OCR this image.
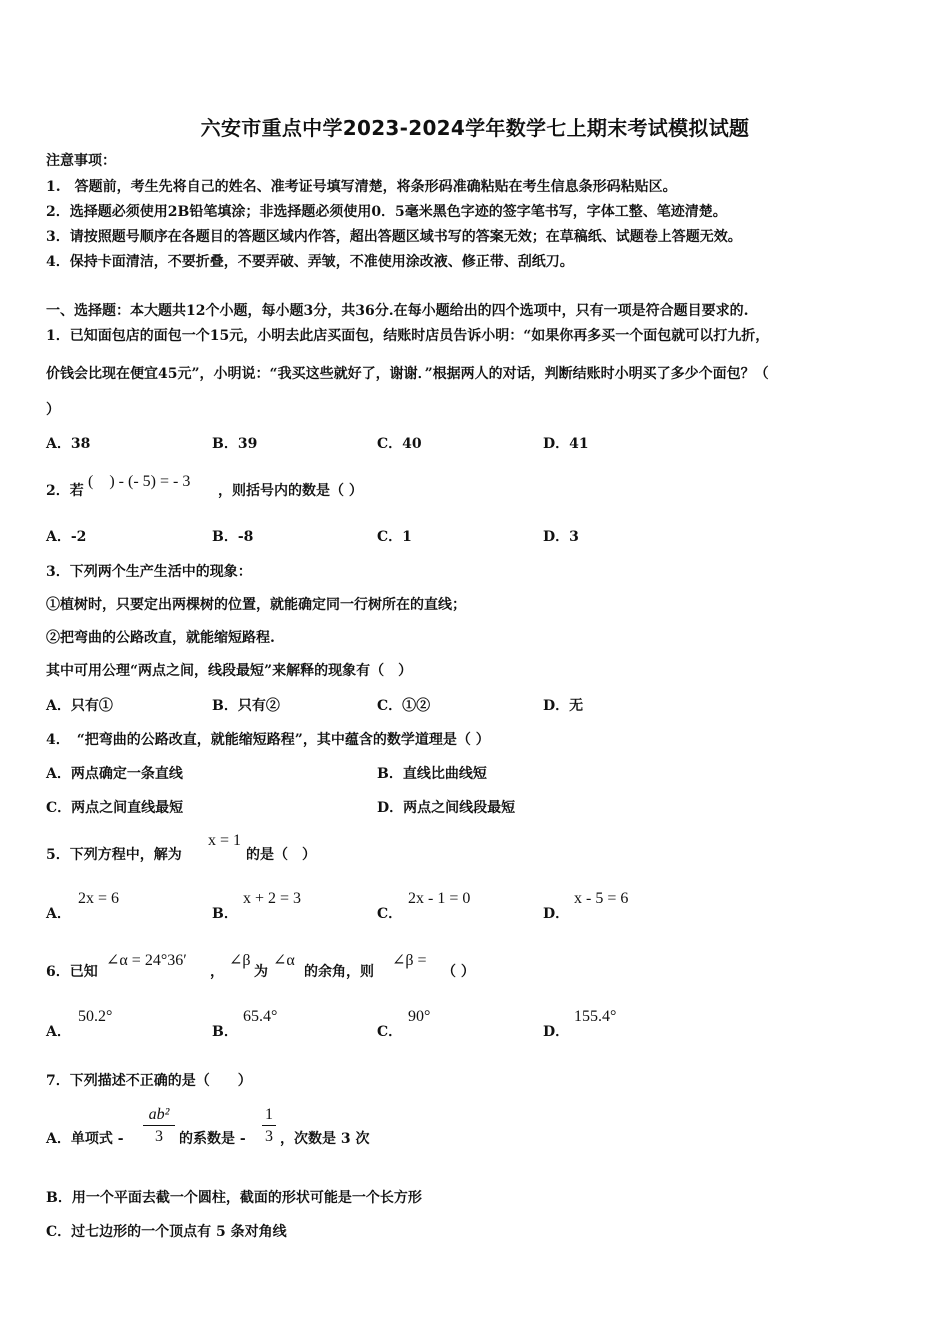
六安市重点中学2023-2024学年数学七上期末考试模拟试题
注意事项：
1.　答题前，考生先将自己的姓名、准考证号填写清楚，将条形码准确粘贴在考生信息条形码粘贴区。
2．选择题必须使用2B铅笔填涂；非选择题必须使用0．5毫米黑色字迹的签字笔书写，字体工整、笔迹清楚。
3．请按照题号顺序在各题目的答题区域内作答，超出答题区域书写的答案无效；在草稿纸、试题卷上答题无效。
4．保持卡面清洁，不要折叠，不要弄破、弄皱，不准使用涂改液、修正带、刮纸刀。
一、选择题：本大题共12个小题，每小题3分，共36分.在每小题给出的四个选项中，只有一项是符合题目要求的.
1．已知面包店的面包一个15元，小明去此店买面包，结账时店员告诉小明：“如果你再多买一个面包就可以打九折，
价钱会比现在便宜45元”，小明说：“我买这些就好了，谢谢．”根据两人的对话，判断结账时小明买了多少个面包？（
）
A．38	B．39	C．40	D．41
2．若
(　) - (- 5) = - 3
，则括号内的数是（ ）
A．-2	B．-8	C．1	D．3
3．下列两个生产生活中的现象：
①植树时，只要定出两棵树的位置，就能确定同一行树所在的直线；
②把弯曲的公路改直，就能缩短路程.
其中可用公理“两点之间，线段最短”来解释的现象有（　）
A．只有①	B．只有②	C．①②	D．无
4．　“把弯曲的公路改直，就能缩短路程”，其中蕴含的数学道理是（ ）
A．两点确定一条直线	B．直线比曲线短
C．两点之间直线最短	D．两点之间线段最短
5．下列方程中，解为
x = 1
的是（　）
A．
2x = 6
B．
x + 2 = 3
C．
2x - 1 = 0
D．
x - 5 = 6
6．已知
∠α = 24°36′
，
∠β
为
∠α
的余角，则
∠β =
（ ）
A．
50.2°
B．
65.4°
C．
90°
D．
155.4°
7．下列描述不正确的是（　　）
A．单项式 -
ab²
3	的系数是 -
1
3 ，次数是 3 次
B．用一个平面去截一个圆柱，截面的形状可能是一个长方形
C．过七边形的一个顶点有 5 条对角线
